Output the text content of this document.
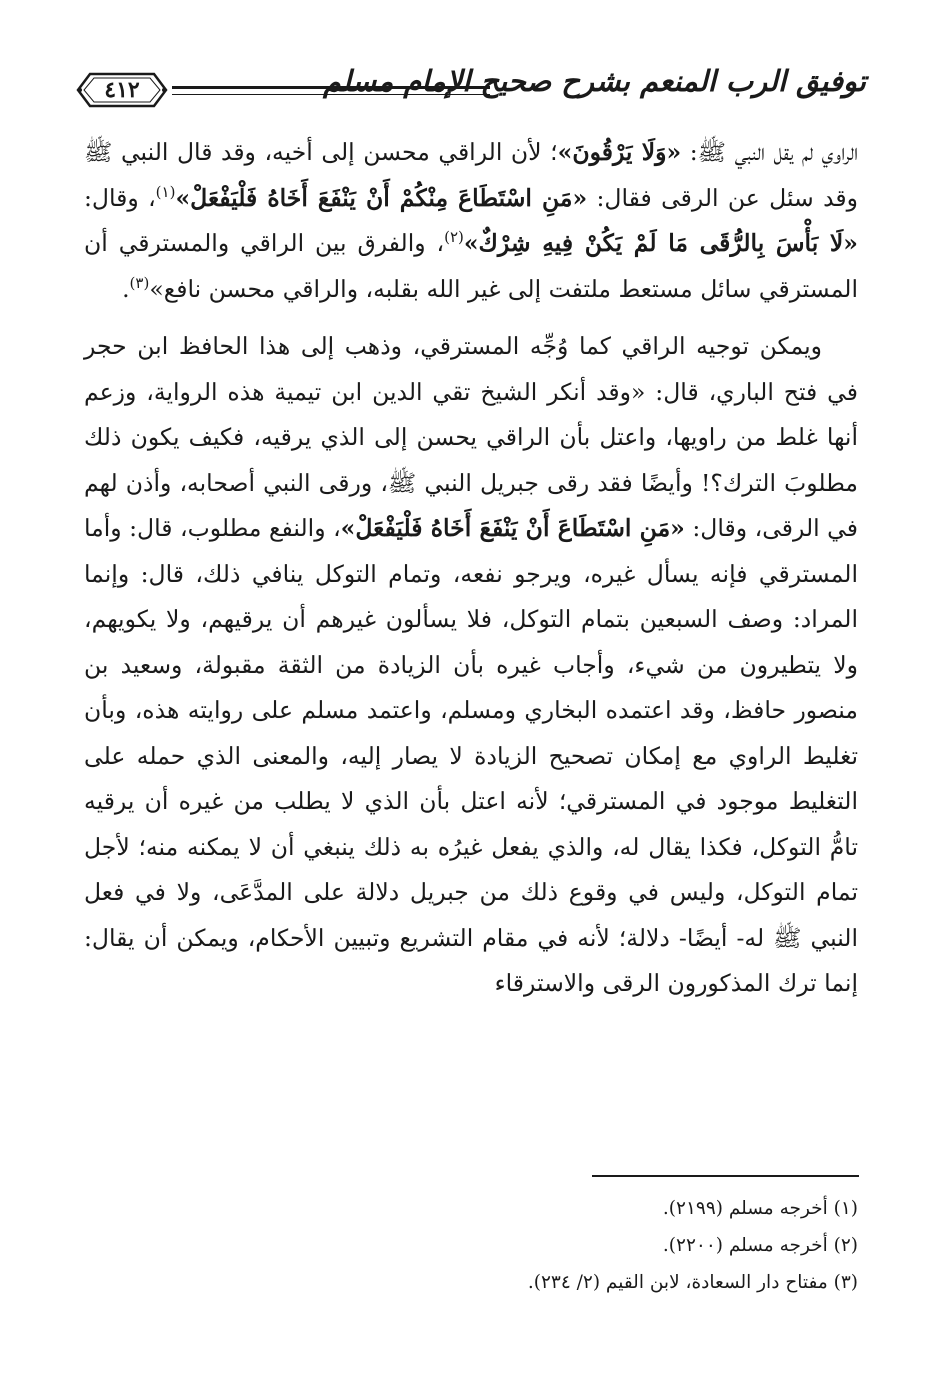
٤١٢	توفيق الرب المنعم بشرح صحيح الإمام مسلم

الراوي لم يقل النبي ﷺ: «وَلَا يَرْقُونَ»؛ لأن الراقي محسن إلى أخيه، وقد قال النبي ﷺ وقد سئل عن الرقى فقال: «مَنِ اسْتَطَاعَ مِنْكُمْ أَنْ يَنْفَعَ أَخَاهُ فَلْيَفْعَلْ»$^{(١)}$، وقال: «لَا بَأْسَ بِالرُّقَى مَا لَمْ يَكُنْ فِيهِ شِرْكٌ»$^{(٢)}$، والفرق بين الراقي والمسترقي أن المسترقي سائل مستعط ملتفت إلى غير الله بقلبه، والراقي محسن نافع»$^{(٣)}$.

ويمكن توجيه الراقي كما وُجِّه المسترقي، وذهب إلى هذا الحافظ ابن حجر في فتح الباري، قال: «وقد أنكر الشيخ تقي الدين ابن تيمية هذه الرواية، وزعم أنها غلط من راويها، واعتل بأن الراقي يحسن إلى الذي يرقيه، فكيف يكون ذلك مطلوبَ الترك؟! وأيضًا فقد رقى جبريل النبي ﷺ، ورقى النبي أصحابه، وأذن لهم في الرقى، وقال: «مَنِ اسْتَطَاعَ أَنْ يَنْفَعَ أَخَاهُ فَلْيَفْعَلْ»، والنفع مطلوب، قال: وأما المسترقي فإنه يسأل غيره، ويرجو نفعه، وتمام التوكل ينافي ذلك، قال: وإنما المراد: وصف السبعين بتمام التوكل، فلا يسألون غيرهم أن يرقيهم، ولا يكويهم، ولا يتطيرون من شيء، وأجاب غيره بأن الزيادة من الثقة مقبولة، وسعيد بن منصور حافظ، وقد اعتمده البخاري ومسلم، واعتمد مسلم على روايته هذه، وبأن تغليط الراوي مع إمكان تصحيح الزيادة لا يصار إليه، والمعنى الذي حمله على التغليط موجود في المسترقي؛ لأنه اعتل بأن الذي لا يطلب من غيره أن يرقيه تامُّ التوكل، فكذا يقال له، والذي يفعل غيرُه به ذلك ينبغي أن لا يمكنه منه؛ لأجل تمام التوكل، وليس في وقوع ذلك من جبريل دلالة على المدَّعَى، ولا في فعل النبي ﷺ له- أيضًا- دلالة؛ لأنه في مقام التشريع وتبيين الأحكام، ويمكن أن يقال: إنما ترك المذكورون الرقى والاسترقاء

(١) أخرجه مسلم (٢١٩٩).
(٢) أخرجه مسلم (٢٢٠٠).
(٣) مفتاح دار السعادة، لابن القيم (٢/ ٢٣٤).
